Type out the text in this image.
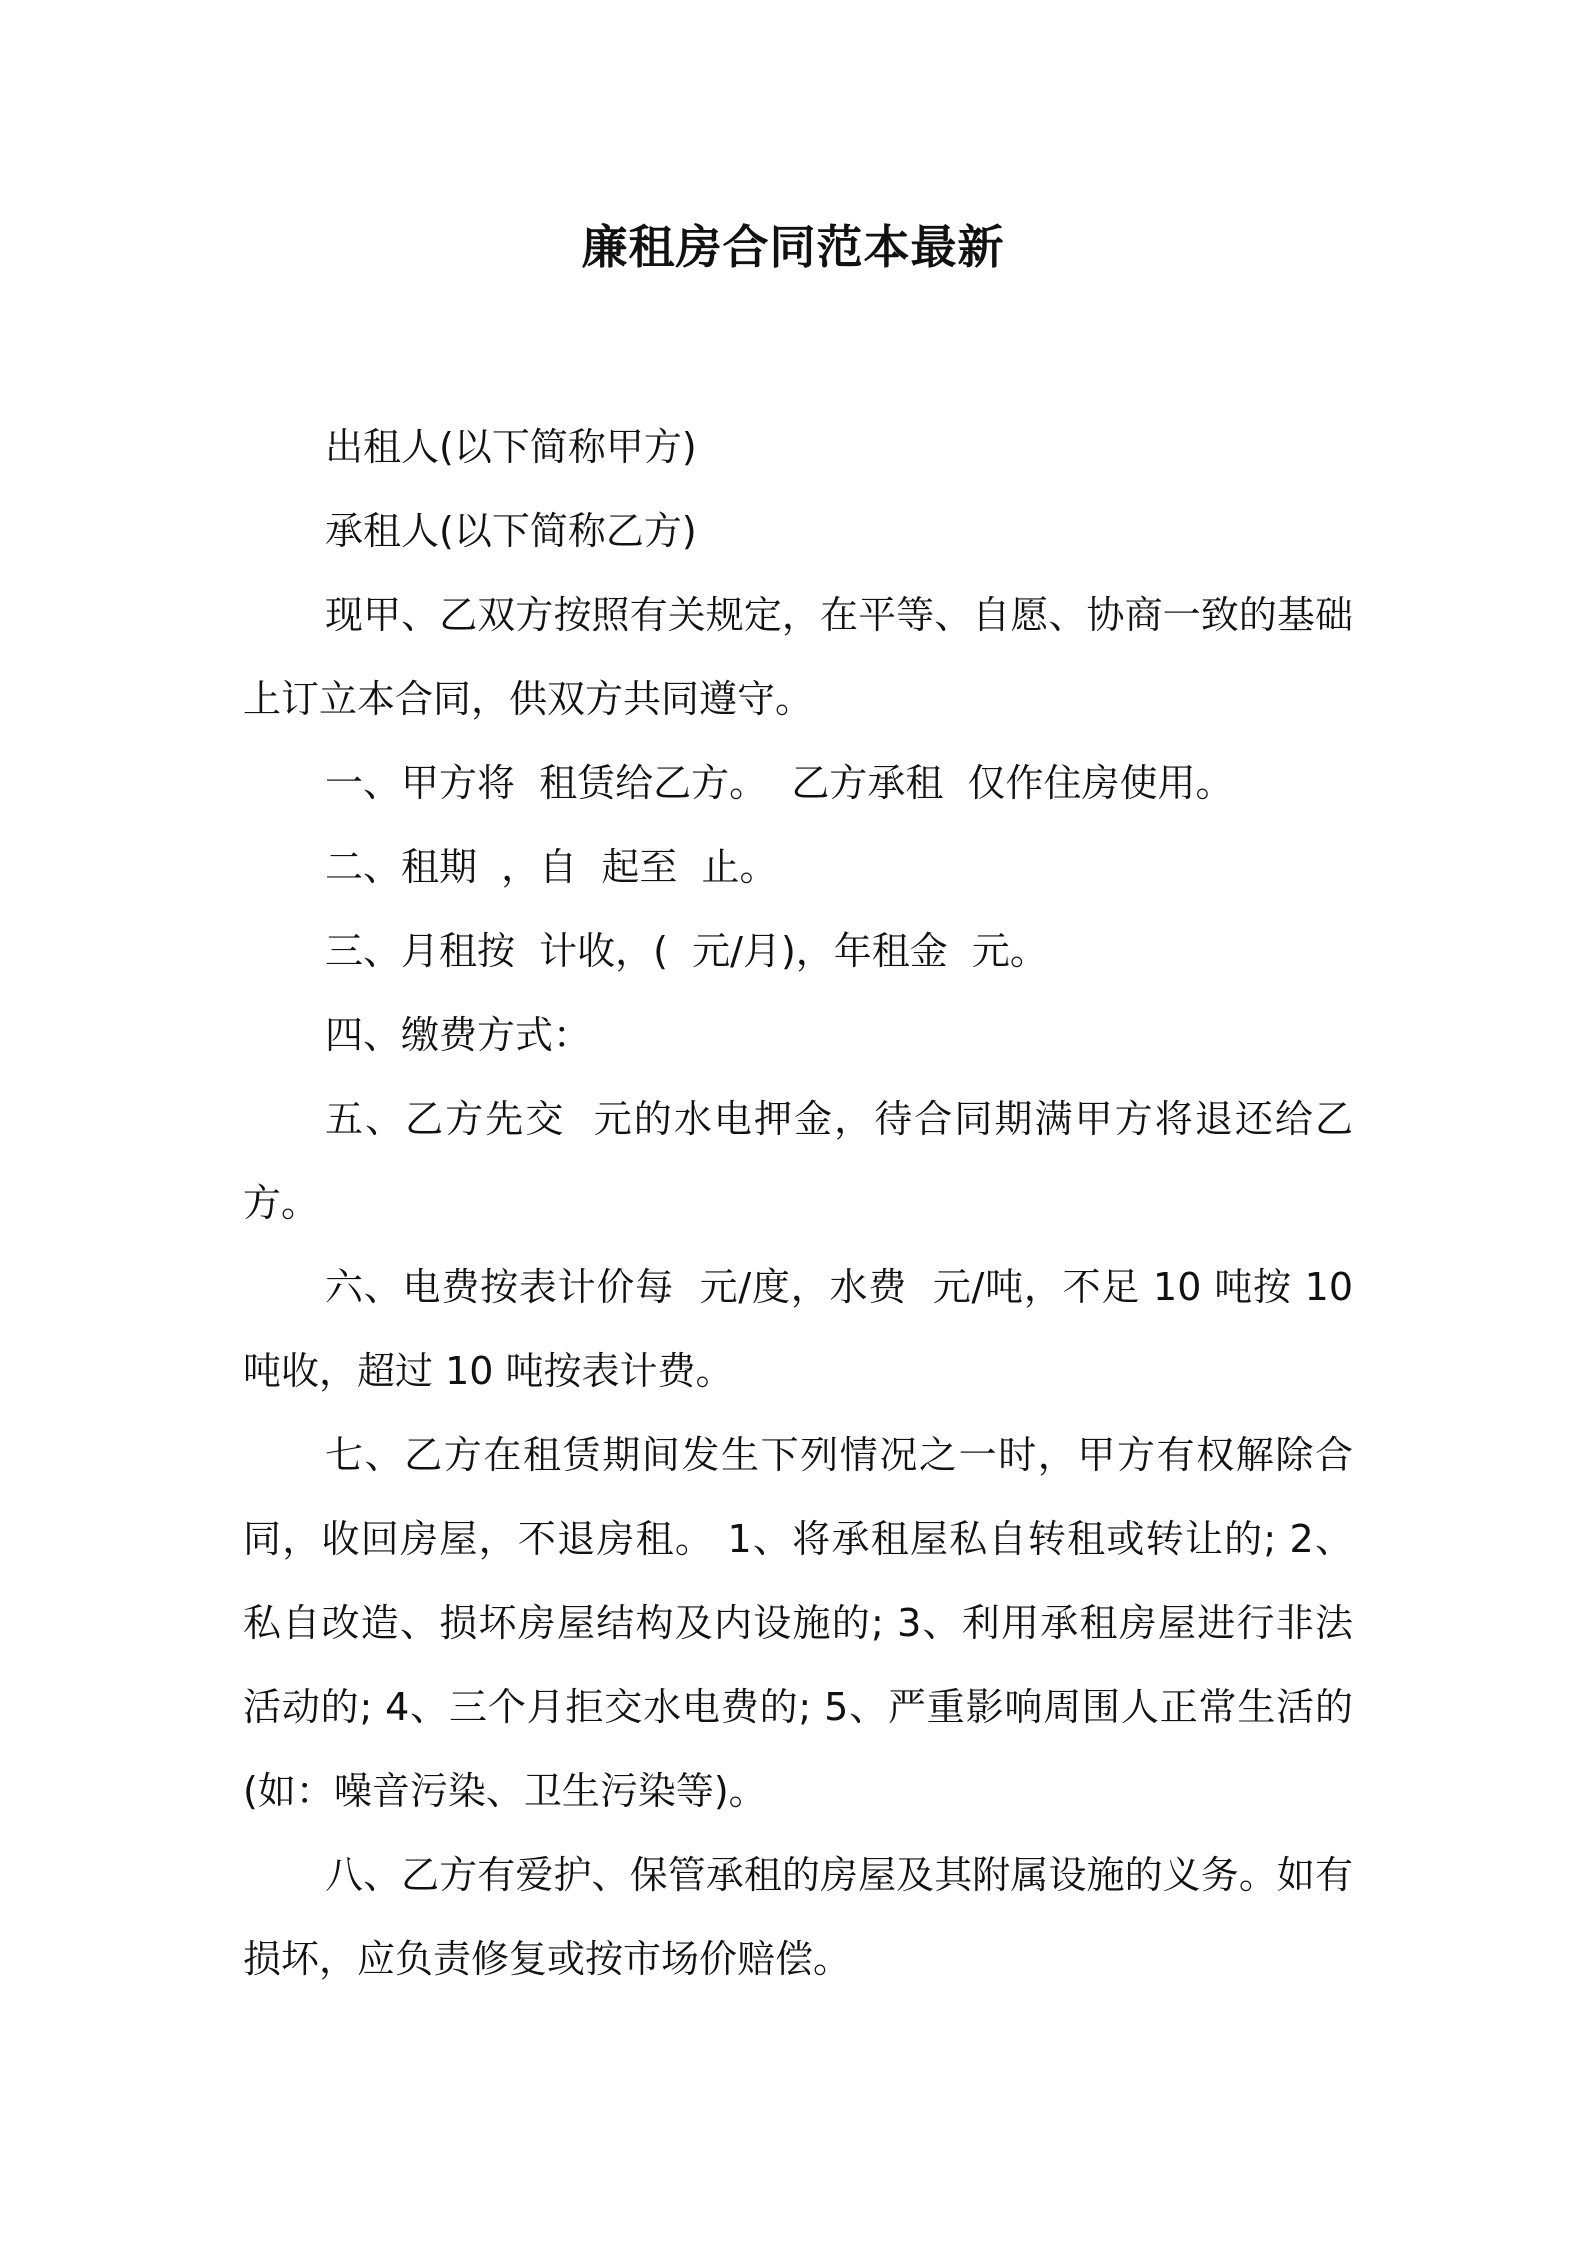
廉租房合同范本最新

出租人(以下简称甲方)

承租人(以下简称乙方)

现甲、乙双方按照有关规定，在平等、自愿、协商一致的基础上订立本合同，供双方共同遵守。

一、甲方将  租赁给乙方。  乙方承租  仅作住房使用。

二、租期  ，自  起至  止。

三、月租按  计收，(  元/月)，年租金  元。

四、缴费方式：

五、乙方先交  元的水电押金，待合同期满甲方将退还给乙方。

六、电费按表计价每  元/度，水费  元/吨，不足 10 吨按 10 吨收，超过 10 吨按表计费。

七、乙方在租赁期间发生下列情况之一时，甲方有权解除合同，收回房屋，不退房租。 1、将承租屋私自转租或转让的; 2、私自改造、损坏房屋结构及内设施的; 3、利用承租房屋进行非法活动的; 4、三个月拒交水电费的; 5、严重影响周围人正常生活的(如：噪音污染、卫生污染等)。

八、乙方有爱护、保管承租的房屋及其附属设施的义务。如有损坏，应负责修复或按市场价赔偿。
